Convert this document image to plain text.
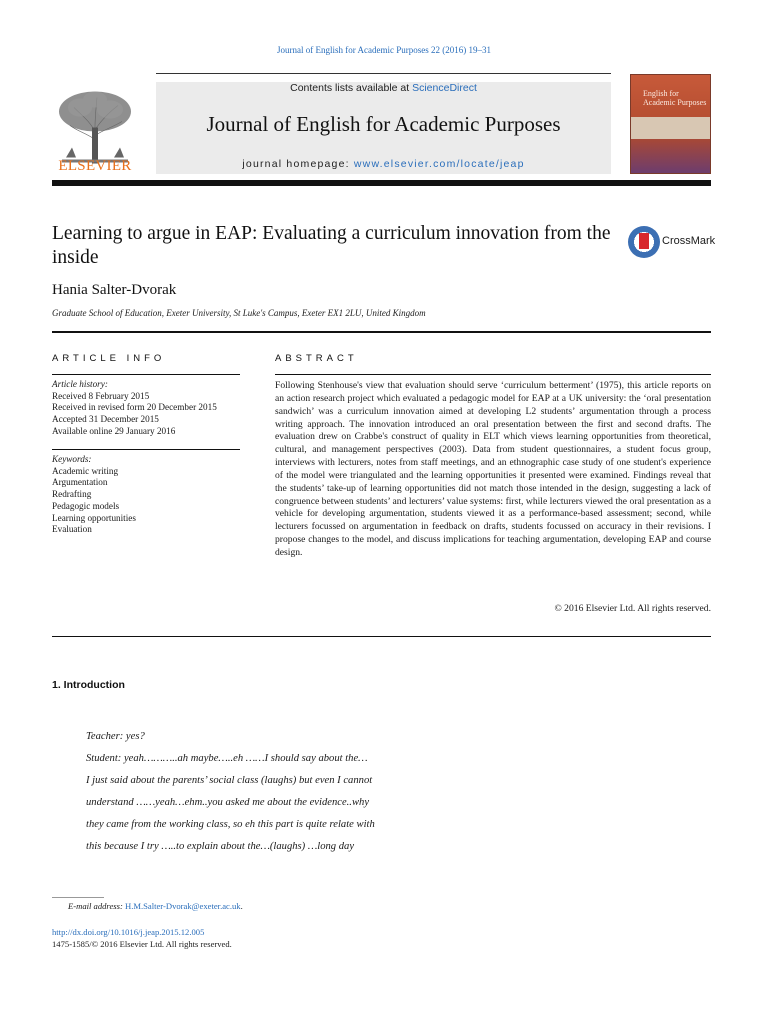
Journal of English for Academic Purposes 22 (2016) 19–31
ELSEVIER
Contents lists available at ScienceDirect
Journal of English for Academic Purposes
journal homepage: www.elsevier.com/locate/jeap
English for Academic Purposes
Learning to argue in EAP: Evaluating a curriculum innovation from the inside
CrossMark
Hania Salter-Dvorak
Graduate School of Education, Exeter University, St Luke's Campus, Exeter EX1 2LU, United Kingdom
ARTICLE INFO
Article history:
Received 8 February 2015
Received in revised form 20 December 2015
Accepted 31 December 2015
Available online 29 January 2016
Keywords:
Academic writing
Argumentation
Redrafting
Pedagogic models
Learning opportunities
Evaluation
ABSTRACT
Following Stenhouse's view that evaluation should serve ‘curriculum betterment’ (1975), this article reports on an action research project which evaluated a pedagogic model for EAP at a UK university: the ‘oral presentation sandwich’ was a curriculum innovation aimed at developing L2 students’ argumentation through a process writing approach. The innovation introduced an oral presentation between the first and second drafts. The evaluation drew on Crabbe's construct of quality in ELT which views learning opportunities from theoretical, cultural, and management perspectives (2003). Data from student questionnaires, a student focus group, interviews with lecturers, notes from staff meetings, and an ethnographic case study of one student's experience of the model were triangulated and the learning opportunities it presented were examined. Findings reveal that the students’ take-up of learning opportunities did not match those intended in the design, suggesting a lack of congruence between students’ and lecturers’ value systems: first, while lecturers viewed the oral presentation as a vehicle for developing argumentation, students viewed it as a performance-based assessment; second, while lecturers focussed on argumentation in feedback on drafts, students focussed on accuracy in their revisions. I propose changes to the model, and discuss implications for teaching argumentation, developing EAP and course design.
© 2016 Elsevier Ltd. All rights reserved.
1. Introduction
Teacher: yes?
Student: yeah………..ah maybe…..eh ……I should say about the…
I just said about the parents’ social class (laughs) but even I cannot
understand ……yeah…ehm..you asked me about the evidence..why
they came from the working class, so eh this part is quite relate with
this because I try …..to explain about the…(laughs) …long day
E-mail address: H.M.Salter-Dvorak@exeter.ac.uk.
http://dx.doi.org/10.1016/j.jeap.2015.12.005
1475-1585/© 2016 Elsevier Ltd. All rights reserved.
